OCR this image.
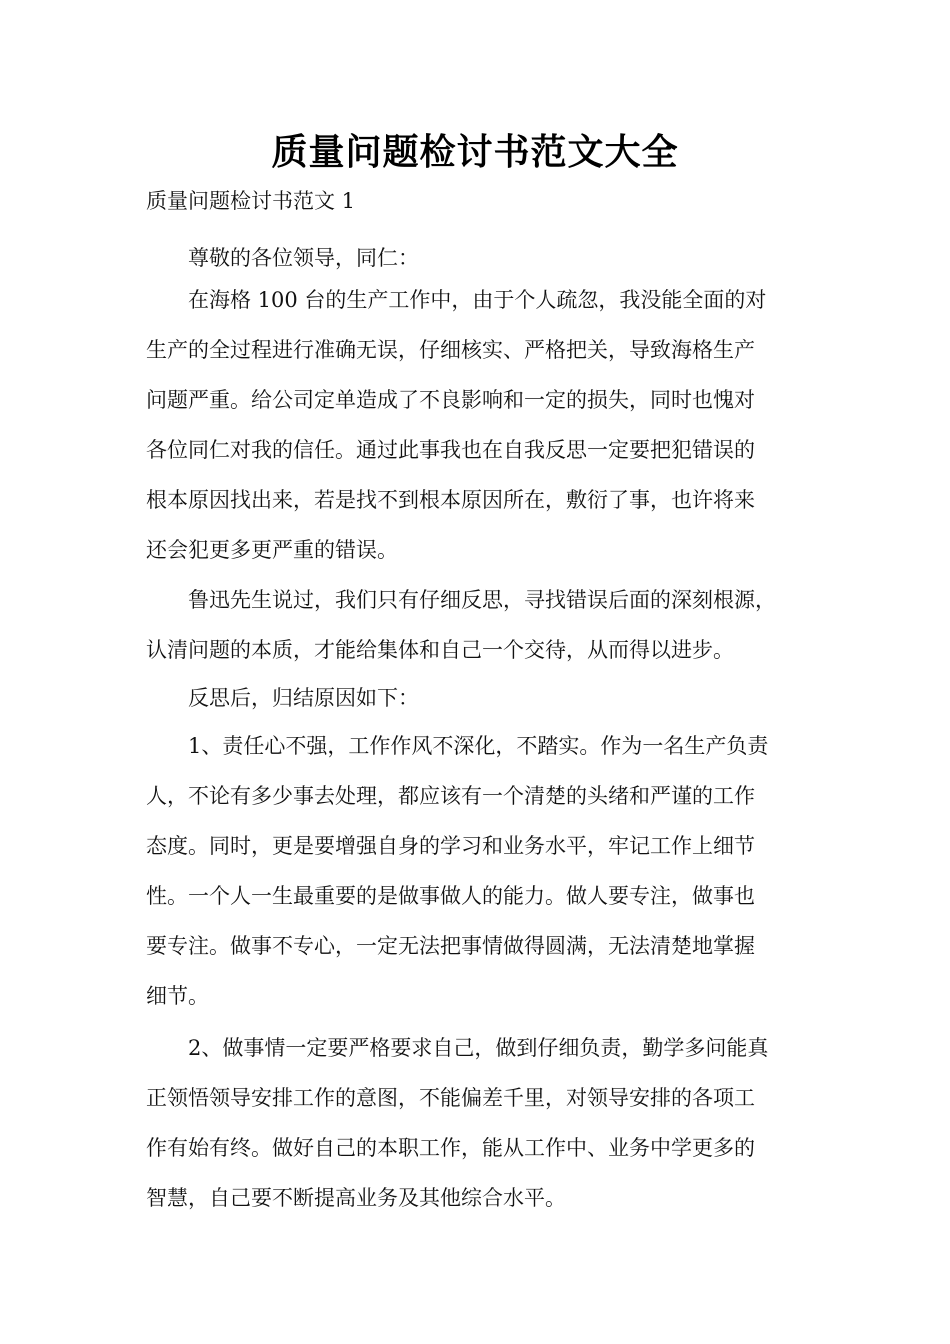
质量问题检讨书范文大全
质量问题检讨书范文 1
尊敬的各位领导，同仁：
在海格 100 台的生产工作中，由于个人疏忽，我没能全面的对
生产的全过程进行准确无误，仔细核实、严格把关，导致海格生产
问题严重。给公司定单造成了不良影响和一定的损失，同时也愧对
各位同仁对我的信任。通过此事我也在自我反思一定要把犯错误的
根本原因找出来，若是找不到根本原因所在，敷衍了事，也许将来
还会犯更多更严重的错误。
鲁迅先生说过，我们只有仔细反思，寻找错误后面的深刻根源，
认清问题的本质，才能给集体和自己一个交待，从而得以进步。
反思后，归结原因如下：
1、责任心不强，工作作风不深化，不踏实。作为一名生产负责
人，不论有多少事去处理，都应该有一个清楚的头绪和严谨的工作
态度。同时，更是要增强自身的学习和业务水平，牢记工作上细节
性。一个人一生最重要的是做事做人的能力。做人要专注，做事也
要专注。做事不专心，一定无法把事情做得圆满，无法清楚地掌握
细节。
2、做事情一定要严格要求自己，做到仔细负责，勤学多问能真
正领悟领导安排工作的意图，不能偏差千里，对领导安排的各项工
作有始有终。做好自己的本职工作，能从工作中、业务中学更多的
智慧，自己要不断提高业务及其他综合水平。
